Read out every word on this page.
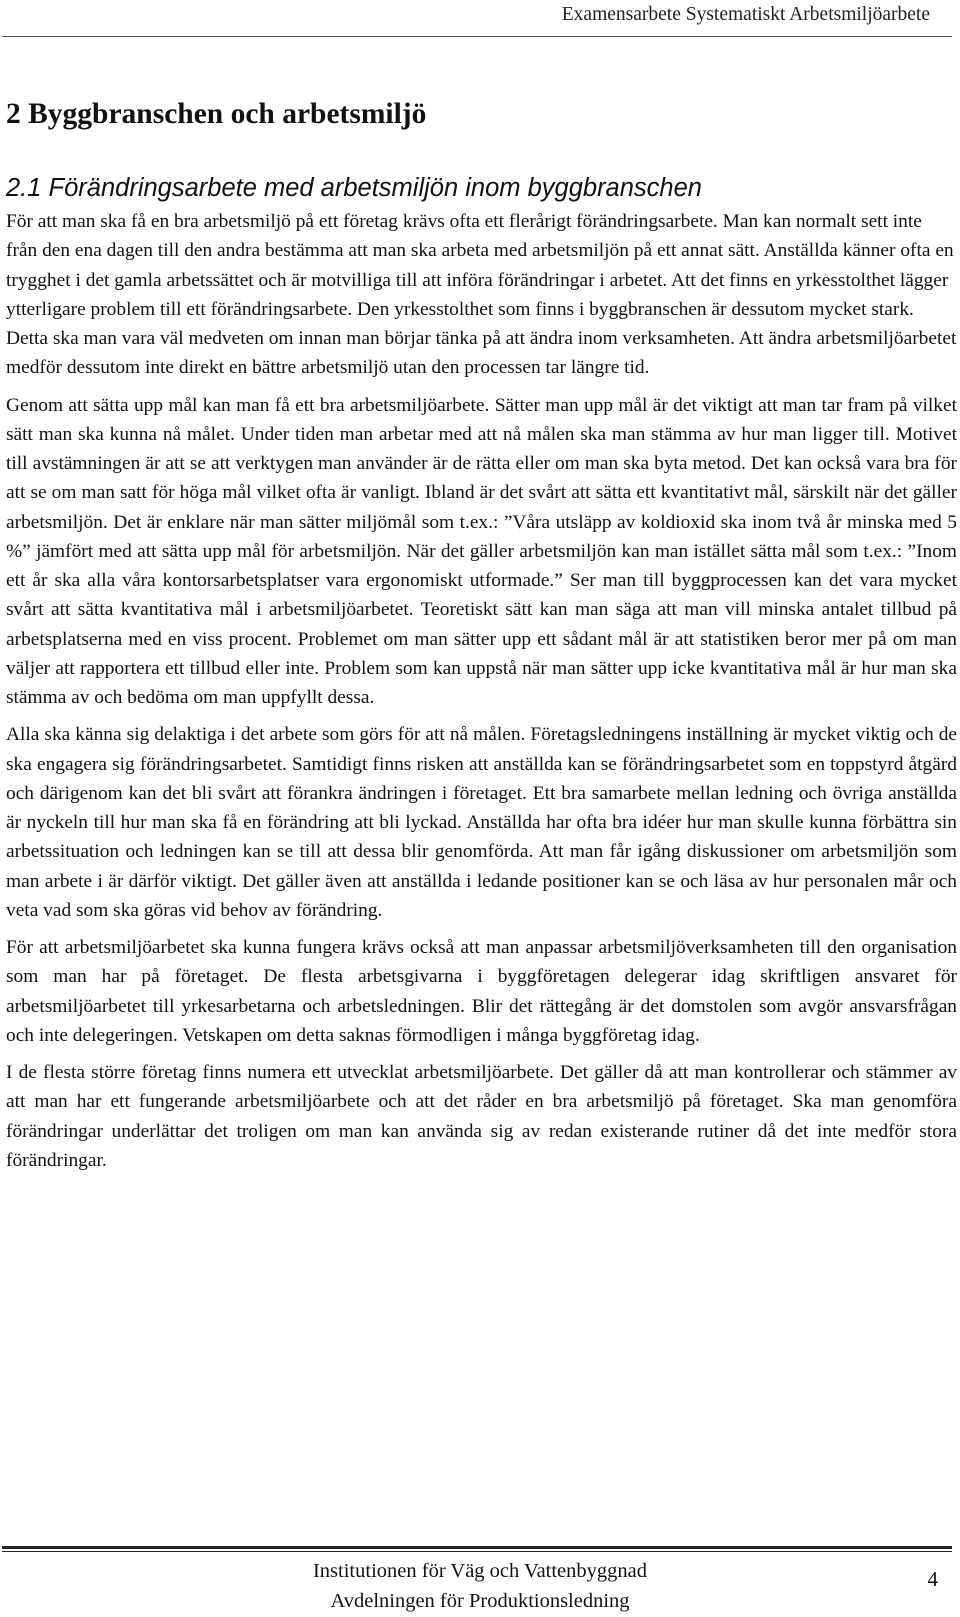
Examensarbete Systematiskt Arbetsmiljöarbete
2 Byggbranschen och arbetsmiljö
2.1 Förändringsarbete med arbetsmiljön inom byggbranschen

För att man ska få en bra arbetsmiljö på ett företag krävs ofta ett flerårigt förändringsarbete. Man kan normalt sett inte från den ena dagen till den andra bestämma att man ska arbeta med arbetsmiljön på ett annat sätt. Anställda känner ofta en trygghet i det gamla arbetssättet och är motvilliga till att införa förändringar i arbetet. Att det finns en yrkesstolthet lägger ytterligare problem till ett förändringsarbete. Den yrkesstolthet som finns i byggbranschen är dessutom mycket stark. Detta ska man vara väl medveten om innan man börjar tänka på att ändra inom verksamheten. Att ändra arbetsmiljöarbetet medför dessutom inte direkt en bättre arbetsmiljö utan den processen tar längre tid.

Genom att sätta upp mål kan man få ett bra arbetsmiljöarbete. Sätter man upp mål är det viktigt att man tar fram på vilket sätt man ska kunna nå målet. Under tiden man arbetar med att nå målen ska man stämma av hur man ligger till. Motivet till avstämningen är att se att verktygen man använder är de rätta eller om man ska byta metod. Det kan också vara bra för att se om man satt för höga mål vilket ofta är vanligt. Ibland är det svårt att sätta ett kvantitativt mål, särskilt när det gäller arbetsmiljön. Det är enklare när man sätter miljömål som t.ex.: ”Våra utsläpp av koldioxid ska inom två år minska med 5 %” jämfört med att sätta upp mål för arbetsmiljön. När det gäller arbetsmiljön kan man istället sätta mål som t.ex.: ”Inom ett år ska alla våra kontorsarbetsplatser vara ergonomiskt utformade.” Ser man till byggprocessen kan det vara mycket svårt att sätta kvantitativa mål i arbetsmiljöarbetet. Teoretiskt sätt kan man säga att man vill minska antalet tillbud på arbetsplatserna med en viss procent. Problemet om man sätter upp ett sådant mål är att statistiken beror mer på om man väljer att rapportera ett tillbud eller inte. Problem som kan uppstå när man sätter upp icke kvantitativa mål är hur man ska stämma av och bedöma om man uppfyllt dessa.

Alla ska känna sig delaktiga i det arbete som görs för att nå målen. Företagsledningens inställning är mycket viktig och de ska engagera sig förändringsarbetet. Samtidigt finns risken att anställda kan se förändringsarbetet som en toppstyrd åtgärd och därigenom kan det bli svårt att förankra ändringen i företaget. Ett bra samarbete mellan ledning och övriga anställda är nyckeln till hur man ska få en förändring att bli lyckad. Anställda har ofta bra idéer hur man skulle kunna förbättra sin arbetssituation och ledningen kan se till att dessa blir genomförda. Att man får igång diskussioner om arbetsmiljön som man arbete i är därför viktigt. Det gäller även att anställda i ledande positioner kan se och läsa av hur personalen mår och veta vad som ska göras vid behov av förändring.

För att arbetsmiljöarbetet ska kunna fungera krävs också att man anpassar arbetsmiljöverksamheten till den organisation som man har på företaget. De flesta arbetsgivarna i byggföretagen delegerar idag skriftligen ansvaret för arbetsmiljöarbetet till yrkesarbetarna och arbetsledningen. Blir det rättegång är det domstolen som avgör ansvarsfrågan och inte delegeringen. Vetskapen om detta saknas förmodligen i många byggföretag idag.

I de flesta större företag finns numera ett utvecklat arbetsmiljöarbete. Det gäller då att man kontrollerar och stämmer av att man har ett fungerande arbetsmiljöarbete och att det råder en bra arbetsmiljö på företaget. Ska man genomföra förändringar underlättar det troligen om man kan använda sig av redan existerande rutiner då det inte medför stora förändringar.

Institutionen för Väg och Vattenbyggnad
Avdelningen för Produktionsledning
4
